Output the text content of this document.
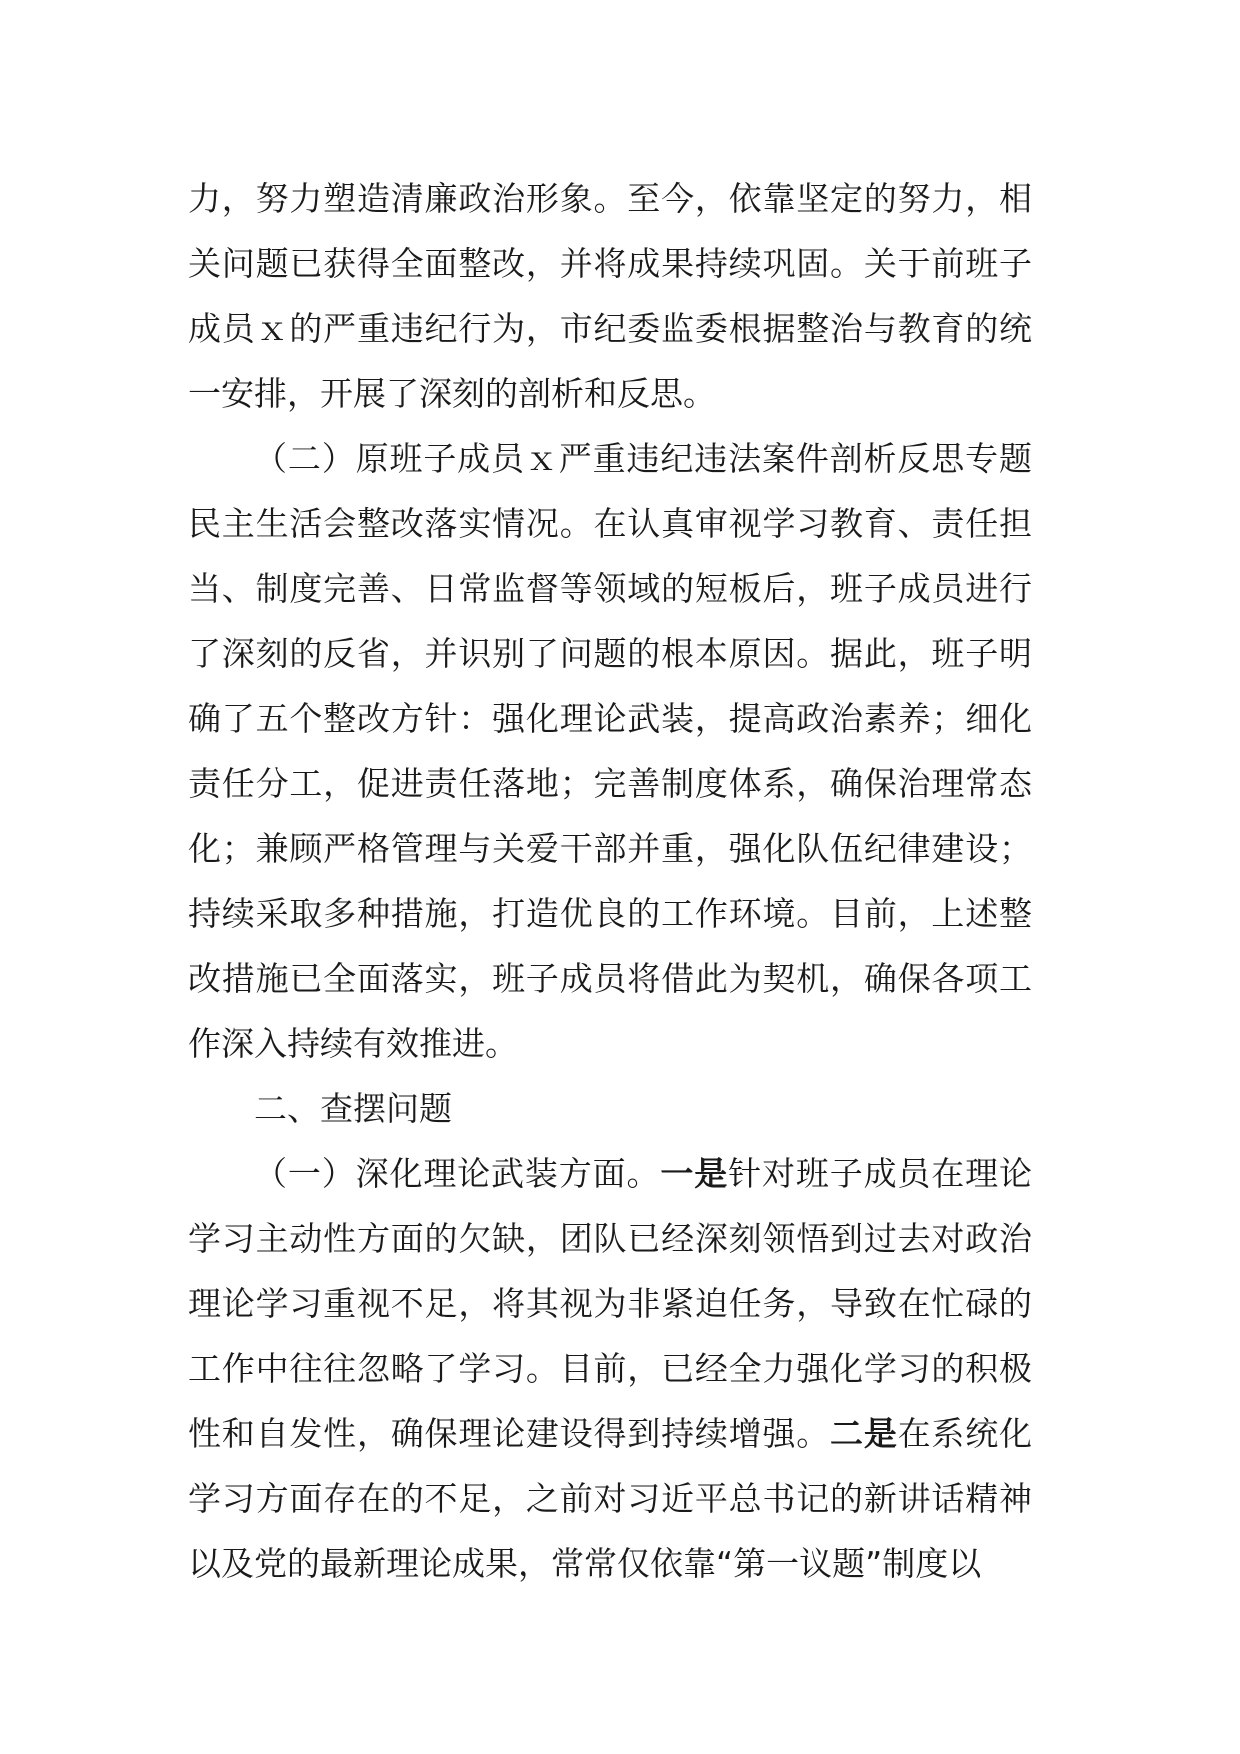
力，努力塑造清廉政治形象。至今，依靠坚定的努力，相关问题已获得全面整改，并将成果持续巩固。关于前班子成员ｘ的严重违纪行为，市纪委监委根据整治与教育的统一安排，开展了深刻的剖析和反思。

（二）原班子成员ｘ严重违纪违法案件剖析反思专题民主生活会整改落实情况。在认真审视学习教育、责任担当、制度完善、日常监督等领域的短板后，班子成员进行了深刻的反省，并识别了问题的根本原因。据此，班子明确了五个整改方针：强化理论武装，提高政治素养；细化责任分工，促进责任落地；完善制度体系，确保治理常态化；兼顾严格管理与关爱干部并重，强化队伍纪律建设；持续采取多种措施，打造优良的工作环境。目前，上述整改措施已全面落实，班子成员将借此为契机，确保各项工作深入持续有效推进。

二、查摆问题

（一）深化理论武装方面。一是针对班子成员在理论学习主动性方面的欠缺，团队已经深刻领悟到过去对政治理论学习重视不足，将其视为非紧迫任务，导致在忙碌的工作中往往忽略了学习。目前，已经全力强化学习的积极性和自发性，确保理论建设得到持续增强。二是在系统化学习方面存在的不足，之前对习近平总书记的新讲话精神以及党的最新理论成果，常常仅依靠“第一议题”制度以
